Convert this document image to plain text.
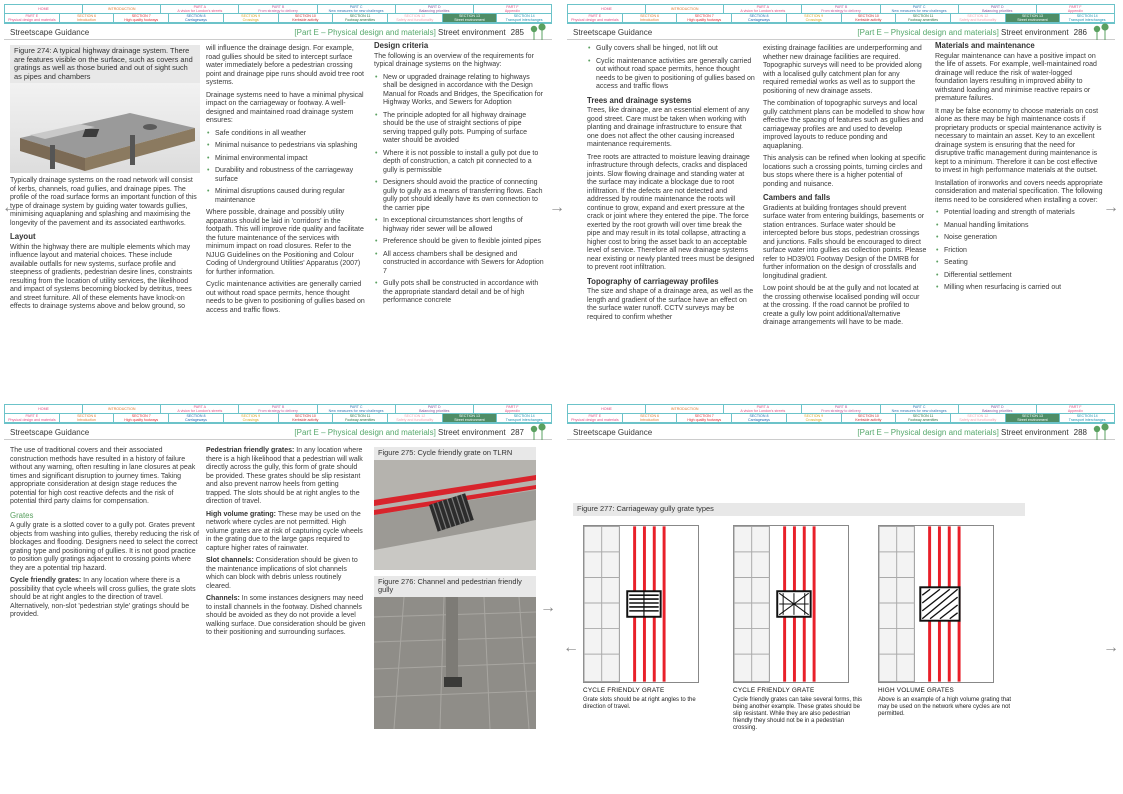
HOME	INTRODUCTION	PART A
A vision for London's streets
PART B
From strategy to delivery
PART C
New measures for new challenges
PART D
Balancing priorities
PART F
Appendix
PART E
Physical design and materials
SECTION 6
Introduction
SECTION 7
High quality footways
SECTION 8
Carriageways
SECTION 9
Crossings
SECTION 10
Kerbside activity
SECTION 11
Footway amenities
SECTION 12
Safety and functionality
SECTION 13
Street environment
SECTION 14
Transport interchanges
Streetscape Guidance	[Part E – Physical design and materials] Street environment 285
Figure 274: A typical highway drainage system. There are features visible on the surface, such as covers and gratings as well as those buried and out of sight such as pipes and chambers

Typically drainage systems on the road network will consist of kerbs, channels, road gullies, and drainage pipes. The profile of the road surface forms an important function of this type of drainage system by guiding water towards gullies, minimising aquaplaning and splashing and maximising the longevity of the pavement and its associated earthworks.

Layout

Within the highway there are multiple elements which may influence layout and material choices. These include available outfalls for new systems, surface profile and steepness of gradients, pedestrian desire lines, constraints resulting from the location of utility services, the likelihood and impact of systems becoming blocked by detritus, trees and street furniture. All of these elements have knock-on effects to drainage systems above and below ground, so

will influence the drainage design. For example, road gullies should be sited to intercept surface water immediately before a pedestrian crossing point and drainage pipe runs should avoid tree root systems.

Drainage systems need to have a minimal physical impact on the carriageway or footway. A well-designed and maintained road drainage system ensures:

• Safe conditions in all weather
• Minimal nuisance to pedestrians via splashing
• Minimal environmental impact
• Durability and robustness of the carriageway surface
• Minimal disruptions caused during regular maintenance

Where possible, drainage and possibly utility apparatus should be laid in 'corridors' in the footpath. This will improve ride quality and facilitate the future maintenance of the services with minimum impact on road closures. Refer to the NJUG Guidelines on the Positioning and Colour Coding of Underground Utilities' Apparatus (2007) for further information.

Cyclic maintenance activities are generally carried out without road space permits, hence thought needs to be given to positioning of gullies based on access and traffic flows.

Design criteria

The following is an overview of the requirements for typical drainage systems on the highway:

• New or upgraded drainage relating to highways shall be designed in accordance with the Design Manual for Roads and Bridges, the Specification for Highway Works, and Sewers for Adoption
• The principle adopted for all highway drainage should be the use of straight sections of pipe serving trapped gully pots. Pumping of surface water should be avoided
• Where it is not possible to install a gully pot due to depth of construction, a catch pit connected to a gully is permissible
• Designers should avoid the practice of connecting gully to gully as a means of transferring flows. Each gully pot should ideally have its own connection to the carrier pipe
• In exceptional circumstances short lengths of highway rider sewer will be allowed
• Preference should be given to flexible jointed pipes
• All access chambers shall be designed and constructed in accordance with Sewers for Adoption 7
• Gully pots shall be constructed in accordance with the appropriate standard detail and be of high performance concrete
←
HOME	INTRODUCTION	PART A
A vision for London's streets
PART B
From strategy to delivery
PART C
New measures for new challenges
PART D
Balancing priorities
PART F
Appendix
PART E
Physical design and materials
SECTION 6
Introduction
SECTION 7
High quality footways
SECTION 8
Carriageways
SECTION 9
Crossings
SECTION 10
Kerbside activity
SECTION 11
Footway amenities
SECTION 12
Safety and functionality
SECTION 13
Street environment
SECTION 14
Transport interchanges
Streetscape Guidance	[Part E – Physical design and materials] Street environment 286
• Gully covers shall be hinged, not lift out
• Cyclic maintenance activities are generally carried out without road space permits, hence thought needs to be given to positioning of gullies based on access and traffic flows
Trees and drainage systems

Trees, like drainage, are an essential element of any good street. Care must be taken when working with planting and drainage infrastructure to ensure that one does not affect the other causing increased maintenance requirements.

Tree roots are attracted to moisture leaving drainage infrastructure through defects, cracks and displaced joints. Slow flowing drainage and standing water at the surface may indicate a blockage due to root infiltration. If the defects are not detected and addressed by routine maintenance the roots will continue to grow, expand and exert pressure at the crack or joint where they entered the pipe. The force exerted by the root growth will over time break the pipe and may result in its total collapse, attracting a higher cost to bring the asset back to an acceptable level of service. Therefore all new drainage systems near existing or newly planted trees must be designed to prevent root infiltration.

Topography of carriageway profiles

The size and shape of a drainage area, as well as the length and gradient of the surface have an effect on the surface water runoff. CCTV surveys may be required to confirm whether

existing drainage facilities are underperforming and whether new drainage facilities are required. Topographic surveys will need to be provided along with a localised gully catchment plan for any required remedial works as well as to support the positioning of new drainage assets.

The combination of topographic surveys and local gully catchment plans can be modelled to show how effective the spacing of features such as gullies and carriageway profiles are and used to develop improved layouts to reduce ponding and aquaplaning.

This analysis can be refined when looking at specific locations such a crossing points, turning circles and bus stops where there is a higher potential of ponding and nuisance.

Cambers and falls

Gradients at building frontages should prevent surface water from entering buildings, basements or station entrances. Surface water should be intercepted before bus stops, pedestrian crossings and junctions. Falls should be encouraged to direct surface water into gullies as collection points. Please refer to HD39/01 Footway Design of the DMRB for further information on the design of crossfalls and longitudinal gradient.

Low point should be at the gully and not located at the crossing otherwise localised ponding will occur at the crossing. If the road cannot be profiled to create a gully low point additional/alternative drainage arrangements will have to be made.

Materials and maintenance

Regular maintenance can have a positive impact on the life of assets. For example, well-maintained road drainage will reduce the risk of water-logged foundation layers resulting in improved ability to withstand loading and minimise reactive repairs or premature failures.

It may be false economy to choose materials on cost alone as there may be high maintenance costs if proprietary products or special maintenance activity is necessary to maintain an asset. Key to an excellent drainage system is ensuring that the need for disruptive traffic management during maintenance is kept to a minimum. Therefore it can be cost effective to invest in high performance materials at the outset.

Installation of ironworks and covers needs appropriate consideration and material specification. The following items need to be considered when installing a cover:

• Potential loading and strength of materials
• Manual handling limitations
• Noise generation
• Friction
• Seating
• Differential settlement
• Milling when resurfacing is carried out
→	→
HOME	INTRODUCTION	PART A
A vision for London's streets
PART B
From strategy to delivery
PART C
New measures for new challenges
PART D
Balancing priorities
PART F
Appendix
PART E
Physical design and materials
SECTION 6
Introduction
SECTION 7
High quality footways
SECTION 8
Carriageways
SECTION 9
Crossings
SECTION 10
Kerbside activity
SECTION 11
Footway amenities
SECTION 12
Safety and functionality
SECTION 13
Street environment
SECTION 14
Transport interchanges
Streetscape Guidance	[Part E – Physical design and materials] Street environment 287

The use of traditional covers and their associated construction methods have resulted in a history of failure without any warning, often resulting in lane closures at peak times and significant disruption to journey times. Taking appropriate consideration at design stage reduces the potential for high cost reactive defects and the risk of potential third party claims for compensation.

Grates

A gully grate is a slotted cover to a gully pot. Grates prevent objects from washing into gullies, thereby reducing the risk of blockages and flooding. Designers need to select the correct grating type and positioning of gullies. It is not good practice to position gully gratings adjacent to crossing points where they are a potential trip hazard.

Cycle friendly grates: In any location where there is a possibility that cycle wheels will cross gullies, the grate slots should be at right angles to the direction of travel. Alternatively, non-slot 'pedestrian style' gratings should be provided.

Pedestrian friendly grates: In any location where there is a high likelihood that a pedestrian will walk directly across the gully, this form of grate should be provided. These grates should be slip resistant and also prevent narrow heels from getting trapped. The slots should be at right angles to the direction of travel.

High volume grating: These may be used on the network where cycles are not permitted. High volume grates are at risk of capturing cycle wheels in the grating due to the large gaps required to capture higher rates of rainwater.

Slot channels: Consideration should be given to the maintenance implications of slot channels which can block with debris unless routinely cleared.

Channels: In some instances designers may need to install channels in the footway. Dished channels should be avoided as they do not provide a level walking surface. Due consideration should be given to their positioning and surrounding surfaces.

Figure 275: Cycle friendly grate on TLRN
Figure 276: Channel and pedestrian friendly gully
→
HOME	INTRODUCTION	PART A
A vision for London's streets
PART B
From strategy to delivery
PART C
New measures for new challenges
PART D
Balancing priorities
PART F
Appendix
PART E
Physical design and materials
SECTION 6
Introduction
SECTION 7
High quality footways
SECTION 8
Carriageways
SECTION 9
Crossings
SECTION 10
Kerbside activity
SECTION 11
Footway amenities
SECTION 12
Safety and functionality
SECTION 13
Street environment
SECTION 14
Transport interchanges
Streetscape Guidance	[Part E – Physical design and materials] Street environment 288
Figure 277: Carriageway gully grate types
CYCLE FRIENDLY GRATE
Grate slots should be at right angles to the direction of travel.
CYCLE FRIENDLY GRATE
Cycle friendly grates can take several forms, this being another example. These grates should be slip resistant. While they are also pedestrian friendly they should not be in a pedestrian crossing.
HIGH VOLUME GRATES
Above is an example of a high volume grating that may be used on the network where cycles are not permitted.
←	→
